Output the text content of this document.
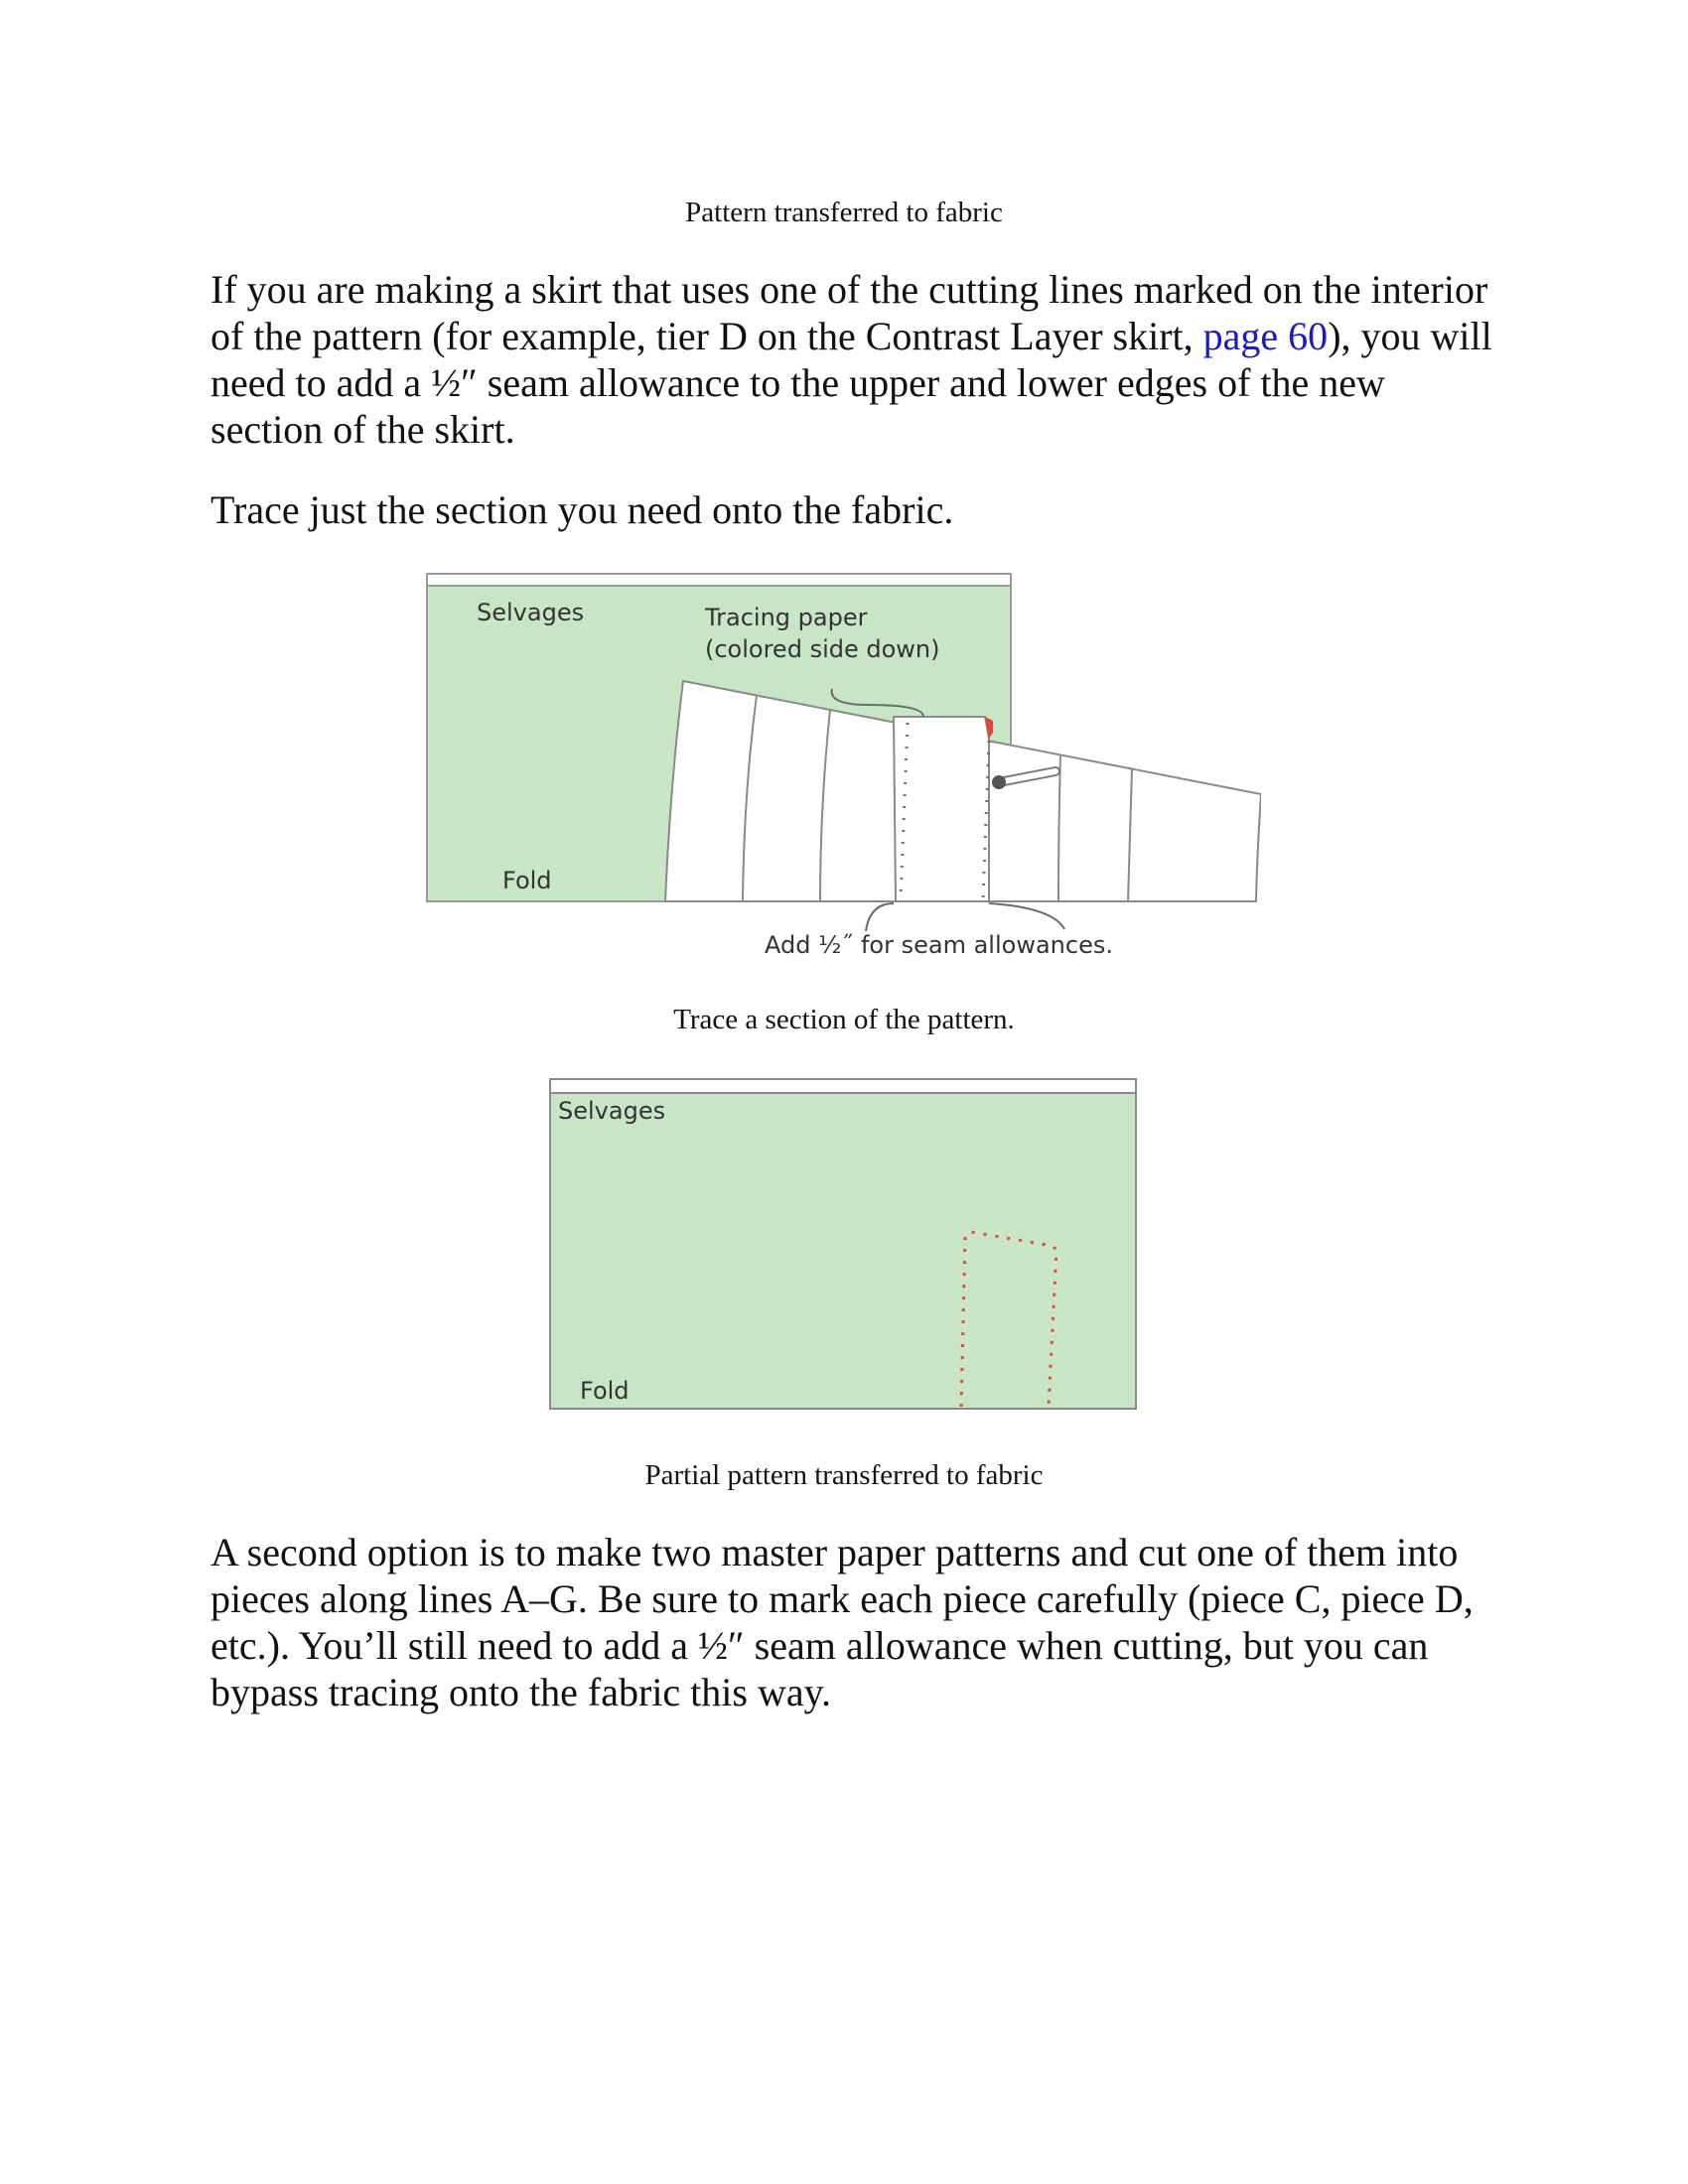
Pattern transferred to fabric

If you are making a skirt that uses one of the cutting lines marked on the interior of the pattern (for example, tier D on the Contrast Layer skirt, page 60), you will need to add a ½″ seam allowance to the upper and lower edges of the new section of the skirt.

Trace just the section you need onto the fabric.

Selvages	Tracing paper
(colored side down)
Fold
Add ½˝ for seam allowances.
Trace a section of the pattern.
Selvages
Fold
Partial pattern transferred to fabric

A second option is to make two master paper patterns and cut one of them into pieces along lines A–G. Be sure to mark each piece carefully (piece C, piece D, etc.). You’ll still need to add a ½″ seam allowance when cutting, but you can bypass tracing onto the fabric this way.
